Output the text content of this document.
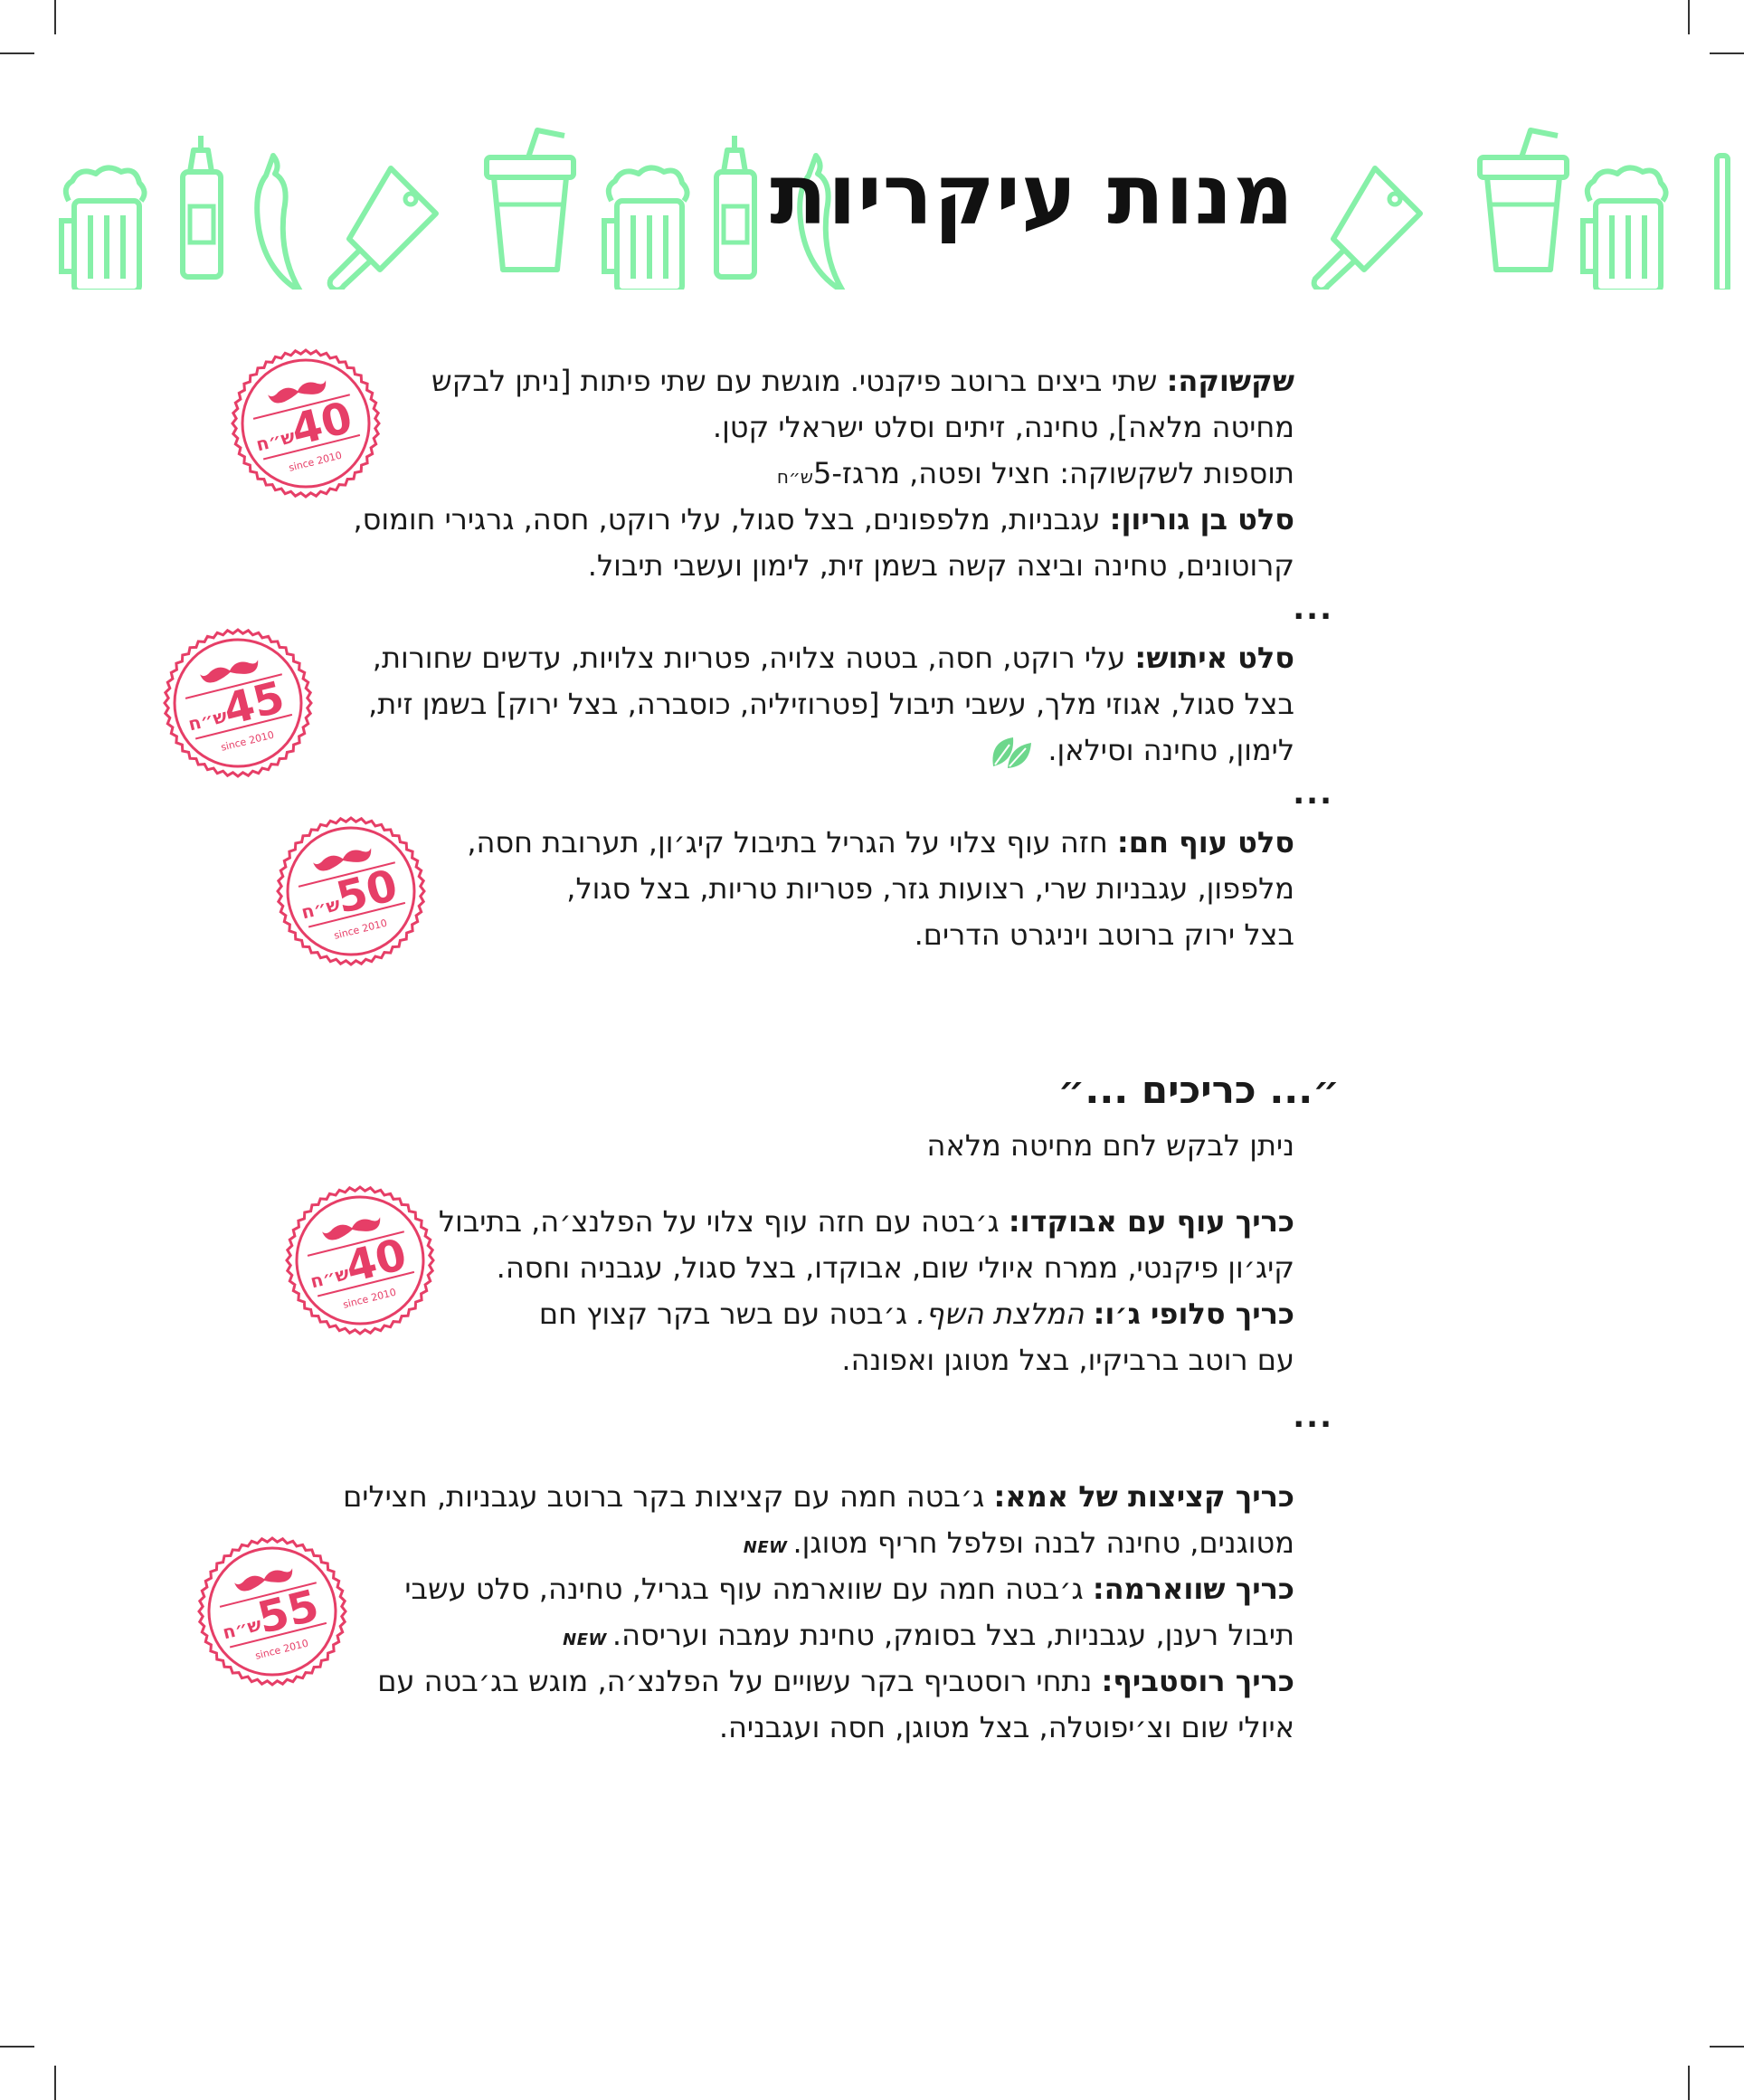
מנות עיקריות
שקשוקה: שתי ביצים ברוטב פיקנטי. מוגשת עם שתי פיתות [ניתן לבקש
מחיטה מלאה], טחינה, זיתים וסלט ישראלי קטן.
תוספות לשקשוקה: חציל ופטה, מרגז-5ש״ח
סלט בן גוריון: עגבניות, מלפפונים, בצל סגול, עלי רוקט, חסה, גרגירי חומוס,
קרוטונים, טחינה וביצה קשה בשמן זית, לימון ועשבי תיבול.
...
סלט איתוש: עלי רוקט, חסה, בטטה צלויה, פטריות צלויות, עדשים שחורות,
בצל סגול, אגוזי מלך, עשבי תיבול [פטרוזיליה, כוסברה, בצל ירוק] בשמן זית,
לימון, טחינה וסילאן.
...
סלט עוף חם: חזה עוף צלוי על הגריל בתיבול קיג׳ון, תערובת חסה,
מלפפון, עגבניות שרי, רצועות גזר, פטריות טריות, בצל סגול,
בצל ירוק ברוטב ויניגרט הדרים.
״... כריכים ...״
ניתן לבקש לחם מחיטה מלאה
כריך עוף עם אבוקדו: ג׳בטה עם חזה עוף צלוי על הפלנצ׳ה, בתיבול
קיג׳ון פיקנטי, ממרח איולי שום, אבוקדו, בצל סגול, עגבניה וחסה.
כריך סלופי ג׳ו: המלצת השף. ג׳בטה עם בשר בקר קצוץ חם
עם רוטב ברביקיו, בצל מטוגן ואפונה.
...
כריך קציצות של אמא: ג׳בטה חמה עם קציצות בקר ברוטב עגבניות, חצילים
מטוגנים, טחינה לבנה ופלפל חריף מטוגן.NEW
כריך שווארמה: ג׳בטה חמה עם שווארמה עוף בגריל, טחינה, סלט עשבי
תיבול רענן, עגבניות, בצל בסומק, טחינת עמבה ועריסה.NEW
כריך רוסטביף: נתחי רוסטביף בקר עשויים על הפלנצ׳ה, מוגש בג׳בטה עם
איולי שום וצ׳יפוטלה, בצל מטוגן, חסה ועגבניה.
40
ש״ח
since 2010
45
ש״ח
since 2010
50
ש״ח
since 2010
40
ש״ח
since 2010
55
ש״ח
since 2010
